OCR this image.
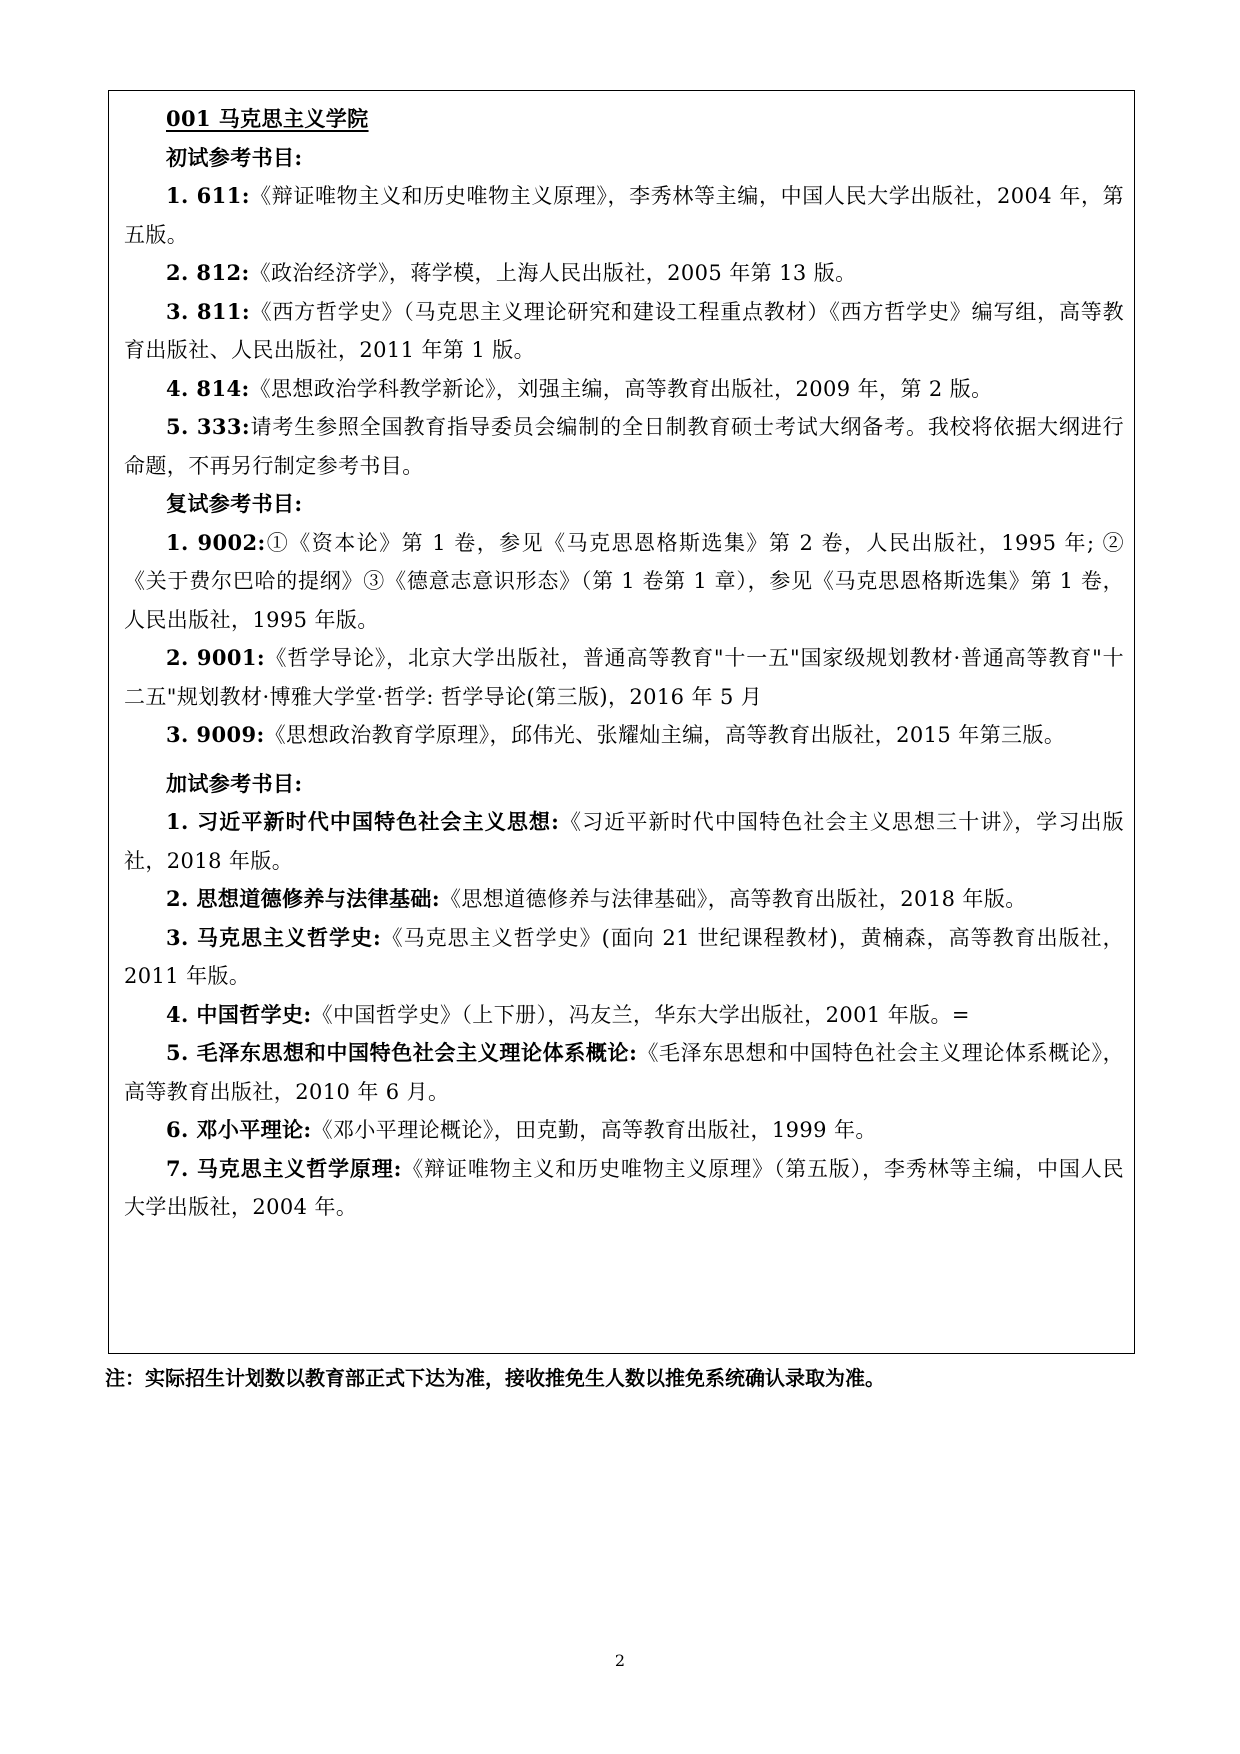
001 马克思主义学院
初试参考书目:
1. 611:《辩证唯物主义和历史唯物主义原理》，李秀林等主编，中国人民大学出版社，2004 年，第五版。
2. 812:《政治经济学》，蒋学模，上海人民出版社，2005 年第 13 版。
3. 811:《西方哲学史》（马克思主义理论研究和建设工程重点教材）《西方哲学史》编写组，高等教育出版社、人民出版社，2011 年第 1 版。
4. 814:《思想政治学科教学新论》，刘强主编，高等教育出版社，2009 年，第 2 版。
5. 333:请考生参照全国教育指导委员会编制的全日制教育硕士考试大纲备考。我校将依据大纲进行命题，不再另行制定参考书目。
复试参考书目:
1. 9002:①《资本论》第 1 卷，参见《马克思恩格斯选集》第 2 卷，人民出版社，1995 年; ②《关于费尔巴哈的提纲》③《德意志意识形态》（第 1 卷第 1 章），参见《马克思恩格斯选集》第 1 卷，人民出版社，1995 年版。
2. 9001:《哲学导论》，北京大学出版社，普通高等教育"十一五"国家级规划教材·普通高等教育"十二五"规划教材·博雅大学堂·哲学: 哲学导论(第三版)，2016 年 5 月
3. 9009:《思想政治教育学原理》，邱伟光、张耀灿主编，高等教育出版社，2015 年第三版。
加试参考书目:
1. 习近平新时代中国特色社会主义思想:《习近平新时代中国特色社会主义思想三十讲》，学习出版社，2018 年版。
2. 思想道德修养与法律基础:《思想道德修养与法律基础》，高等教育出版社，2018 年版。
3. 马克思主义哲学史:《马克思主义哲学史》(面向 21 世纪课程教材)，黄楠森，高等教育出版社，2011 年版。
4. 中国哲学史:《中国哲学史》（上下册），冯友兰，华东大学出版社，2001 年版。=
5. 毛泽东思想和中国特色社会主义理论体系概论:《毛泽东思想和中国特色社会主义理论体系概论》，高等教育出版社，2010 年 6 月。
6. 邓小平理论:《邓小平理论概论》，田克勤，高等教育出版社，1999 年。
7. 马克思主义哲学原理:《辩证唯物主义和历史唯物主义原理》（第五版），李秀林等主编，中国人民大学出版社，2004 年。
注：实际招生计划数以教育部正式下达为准，接收推免生人数以推免系统确认录取为准。
2
